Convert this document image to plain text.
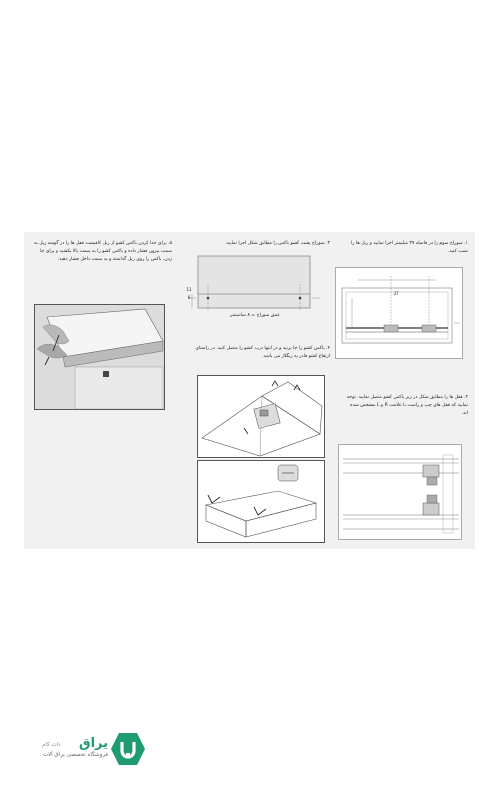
۱. سوراخ سوم را در فاصله ۳۷ میلیمتر اجرا نمایید و ریل ها را نصب کنید.
37
۲. قفل ها را مطابق شکل در زیر باکس کشو متصل نمایید. توجه نمایید که قفل های چپ و راست با علامت R و L مشخص شده اند.
۳. سوراخ پشت کشو باکس را مطابق شکل اجرا نمایید.
11
6
عمق سوراخ = ۸ سانتیمتر
۴. باکس کشو را جا بزنید و در انتها درب کشو را متصل کنید. در راستای ارتفاع کشو قادر به ریگلاژ می باشد.
۵. برای جدا کردن باکس کشو از ریل کافیست قفل ها را در گوشه ریل به سمت بیرون فشار داده و باکس کشو را به سمت بالا بکشید و برای جا زدن، باکس را روی ریل گذاشته و به سمت داخل فشار دهید.
یراق
دات کام
فروشگاه تخصصی یراق آلات
